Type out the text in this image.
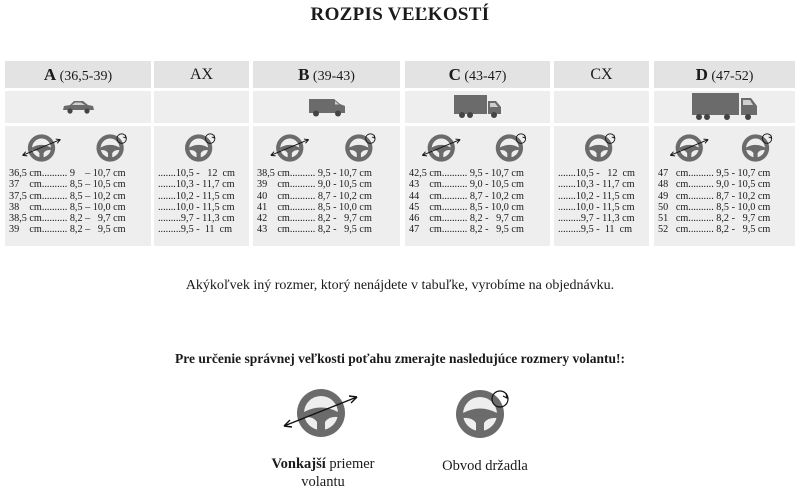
ROZPIS VEĽKOSTÍ
A (36,5-39)
36,5 cm.......... 9    – 10,7 cm
37    cm.......... 8,5 – 10,5 cm
37,5 cm.......... 8,5 – 10,2 cm
38    cm.......... 8,5 – 10,0 cm
38,5 cm.......... 8,2 –   9,7 cm
39    cm.......... 8,2 –   9,5 cm
AX
.......10,5 -   12  cm
.......10,3 - 11,7 cm
.......10,2 - 11,5 cm
.......10,0 - 11,5 cm
.........9,7 - 11,3 cm
.........9,5 -  11  cm
B (39-43)
38,5 cm.......... 9,5 - 10,7 cm
39    cm.......... 9,0 - 10,5 cm
40    cm.......... 8,7 - 10,2 cm
41    cm.......... 8,5 - 10,0 cm
42    cm.......... 8,2 -   9,7 cm
43    cm.......... 8,2 -   9,5 cm
C (43-47)
42,5 cm.......... 9,5 - 10,7 cm
43    cm.......... 9,0 - 10,5 cm
44    cm.......... 8,7 - 10,2 cm
45    cm.......... 8,5 - 10,0 cm
46    cm.......... 8,2 -   9,7 cm
47    cm.......... 8,2 -   9,5 cm
CX
.......10,5 -   12  cm
.......10,3 - 11,7 cm
.......10,2 - 11,5 cm
.......10,0 - 11,5 cm
.........9,7 - 11,3 cm
.........9,5 -  11  cm
D (47-52)
47   cm.......... 9,5 - 10,7 cm
48   cm.......... 9,0 - 10,5 cm
49   cm.......... 8,7 - 10,2 cm
50   cm.......... 8,5 - 10,0 cm
51   cm.......... 8,2 -   9,7 cm
52   cm.......... 8,2 -   9,5 cm
Akýkoľvek iný rozmer, ktorý nenájdete v tabuľke, vyrobíme na objednávku.
Pre určenie správnej veľkosti poťahu zmerajte nasledujúce rozmery volantu!:
Vonkajší priemer
volantu
Obvod držadla
